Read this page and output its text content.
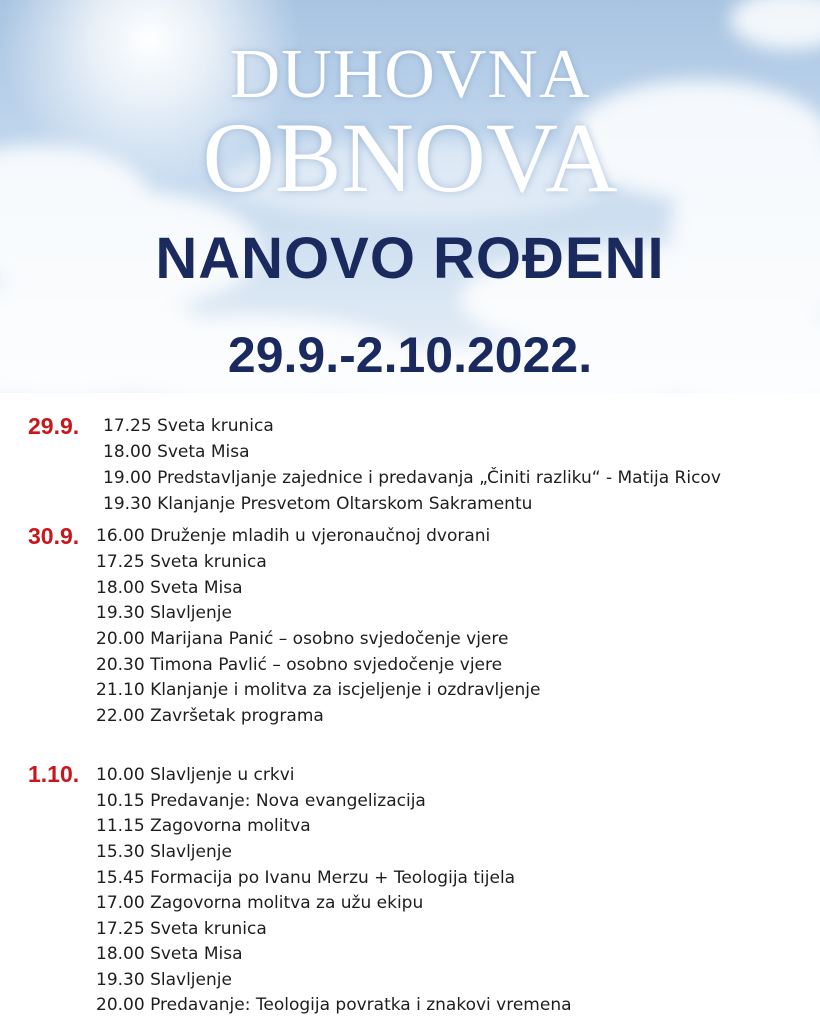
DUHOVNA
OBNOVA
NANOVO ROĐENI
29.9.-2.10.2022.
29.9. 17.25 Sveta krunica
18.00 Sveta Misa
19.00 Predstavljanje zajednice i predavanja „Činiti razliku“ - Matija Ricov
19.30 Klanjanje Presvetom Oltarskom Sakramentu
30.9. 16.00 Druženje mladih u vjeronaučnoj dvorani
17.25 Sveta krunica
18.00 Sveta Misa
19.30 Slavljenje
20.00 Marijana Panić – osobno svjedočenje vjere
20.30 Timona Pavlić – osobno svjedočenje vjere
21.10 Klanjanje i molitva za iscjeljenje i ozdravljenje
22.00 Završetak programa
1.10. 10.00 Slavljenje u crkvi
10.15 Predavanje: Nova evangelizacija
11.15 Zagovorna molitva
15.30 Slavljenje
15.45 Formacija po Ivanu Merzu + Teologija tijela
17.00 Zagovorna molitva za užu ekipu
17.25 Sveta krunica
18.00 Sveta Misa
19.30 Slavljenje
20.00 Predavanje: Teologija povratka i znakovi vremena
